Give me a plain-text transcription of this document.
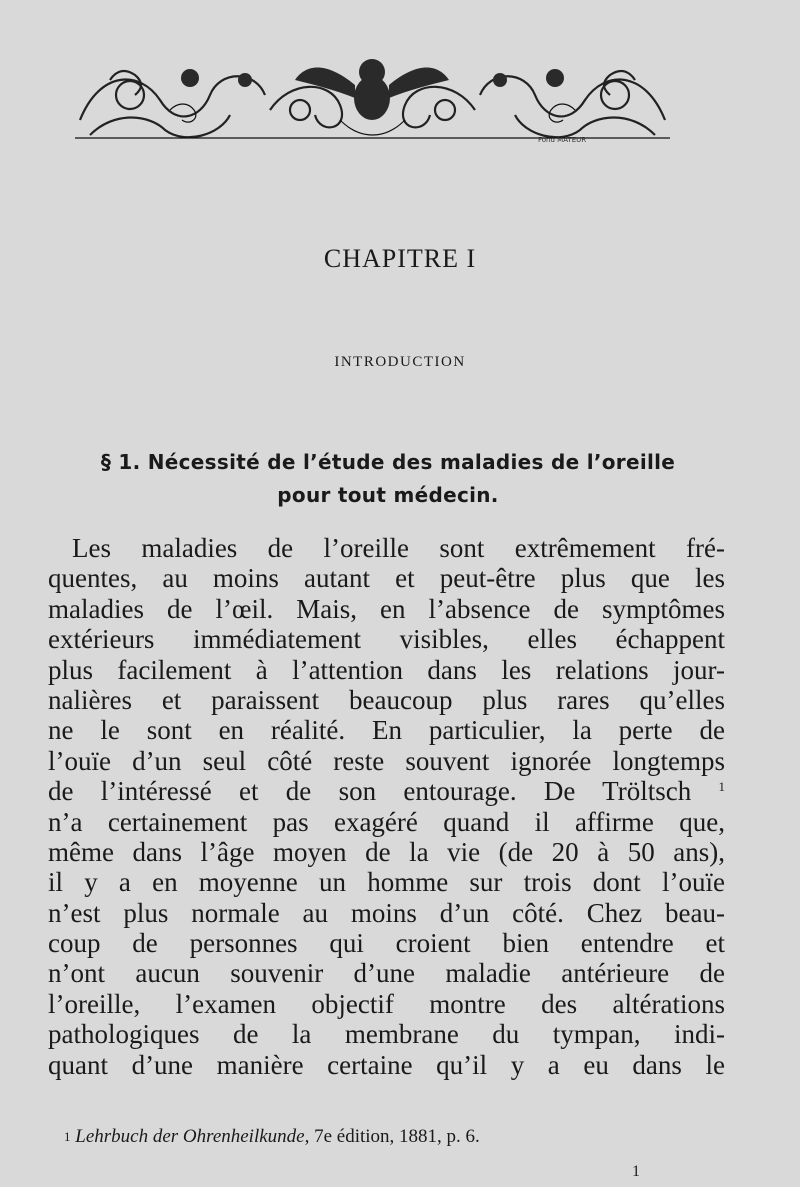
Fond MATEUR
CHAPITRE I
INTRODUCTION
§ 1. Nécessité de l’étude des maladies de l’oreille
pour tout médecin.
Les maladies de l’oreille sont extrêmement fré-
quentes, au moins autant et peut-être plus que les
maladies de l’œil. Mais, en l’absence de symptômes
extérieurs immédiatement visibles, elles échappent
plus facilement à l’attention dans les relations jour-
nalières et paraissent beaucoup plus rares qu’elles
ne le sont en réalité. En particulier, la perte de
l’ouïe d’un seul côté reste souvent ignorée longtemps
de l’intéressé et de son entourage. De Tröltsch $^1$
n’a certainement pas exagéré quand il affirme que,
même dans l’âge moyen de la vie (de 20 à 50 ans),
il y a en moyenne un homme sur trois dont l’ouïe
n’est plus normale au moins d’un côté. Chez beau-
coup de personnes qui croient bien entendre et
n’ont aucun souvenir d’une maladie antérieure de
l’oreille, l’examen objectif montre des altérations
pathologiques de la membrane du tympan, indi-
quant d’une manière certaine qu’il y a eu dans le
$^1$ Lehrbuch der Ohrenheilkunde, 7e édition, 1881, p. 6.
1
